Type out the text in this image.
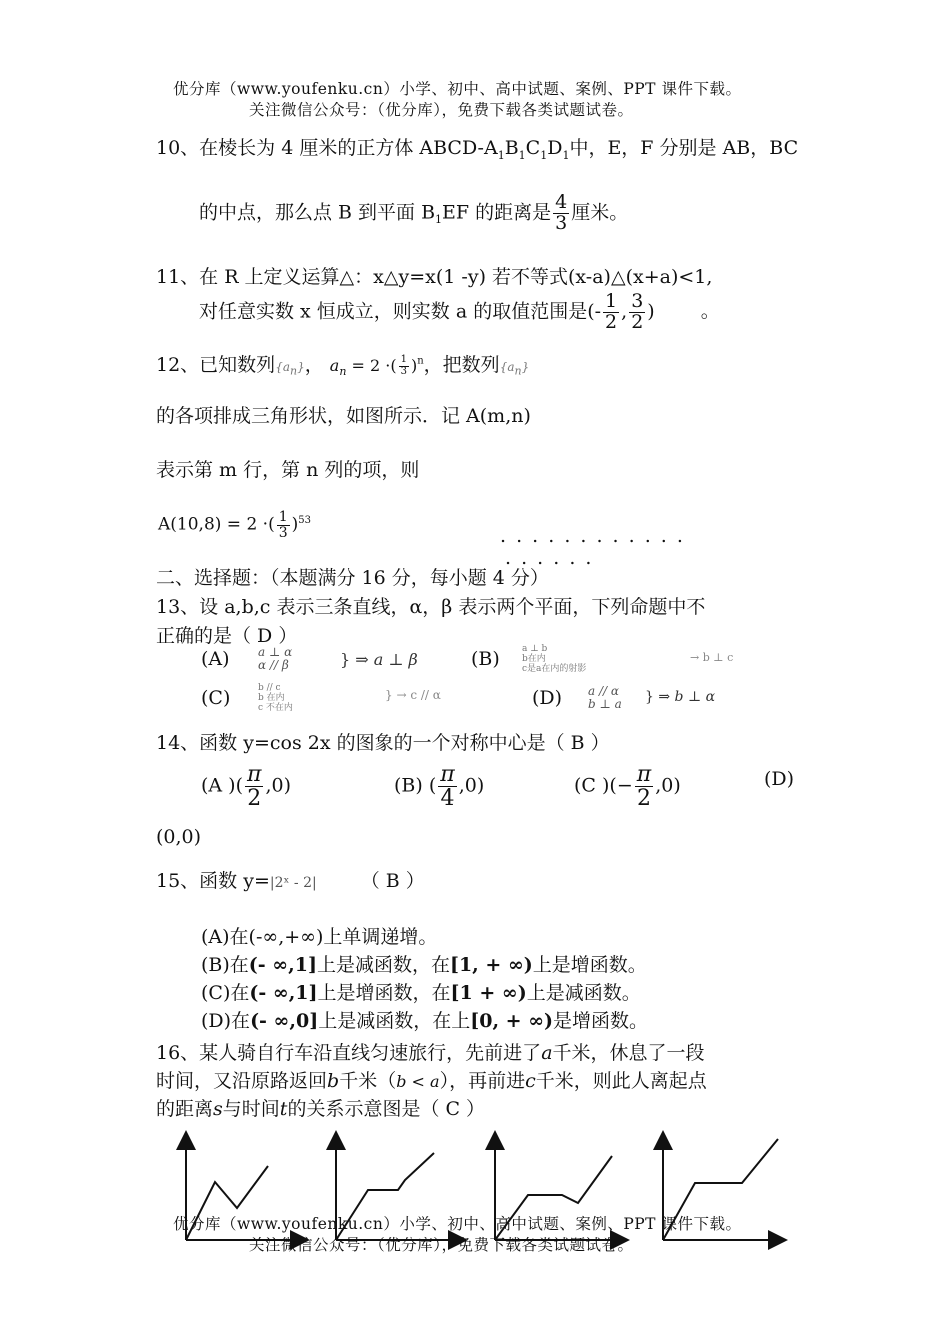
优分库（www.youfenku.cn）小学、初中、高中试题、案例、PPT 课件下载。
关注微信公众号：（优分库），免费下载各类试题试卷。
10、在棱长为 4 厘米的正方体 ABCD-$A_1B_1C_1D_1$中，E，F 分别是 AB，BC
的中点，那么点 B 到平面 $B_1EF$ 的距离是 $\frac{4}{3}$ 厘米。
11、在 R 上定义运算△：x△y=x(1 -y) 若不等式(x-a)△(x+a)<1,
对任意实数 x 恒成立，则实数 a 的取值范围是(- $\frac{1}{2}$ , $\frac{3}{2}$ ) 。
12、已知数列$\{a_n\}$， $a_n = 2$ ·( $\frac{1}{3} )^n$，把数列$\{a_n\}$
的各项排成三角形状，如图所示．记 A(m,n)
表示第 m 行，第 n 列的项，则
A(10,8) = 2 ·( $\frac{1}{3} )^{53}$
. . . . . . . . . . . .
. . . . . .
二、选择题：（本题满分 16 分，每小题 4 分）
13、设 a,b,c 表示三条直线，α，β 表示两个平面，下列命题中不
正确的是（ D ）
(A) a ⊥ α
α // β	} ⇒ a ⊥ β	(B) a ⊥ b
b在内
c是a在内的射影
→ b ⊥ c
(C)	b // c
b 在内
c 不在内
} → c // α	(D) a // α
b ⊥ a } ⇒ b ⊥ α
14、函数 y=cos 2x 的图象的一个对称中心是（ B ）
(A )( $\frac{\pi}{2} ,0$)	(B) ( $\frac{\pi}{4} ,0$)	(C )(− $\frac{\pi}{2} ,0$)	(D)
(0,0)
15、函数 y=|2ˣ - 2| （ B ）
(A)在(-∞,+∞)上单调递增。
(B)在(- ∞,1]上是减函数，在[1, + ∞)上是增函数。
(C)在(- ∞,1]上是增函数，在[1 + ∞)上是减函数。
(D)在(- ∞,0]上是减函数，在上[0, + ∞)是增函数。
16、某人骑自行车沿直线匀速旅行，先前进了a千米，休息了一段
时间，又沿原路返回b千米（b < a），再前进c千米，则此人离起点
的距离s与时间t的关系示意图是（ C ）
优分库（www.youfenku.cn）小学、初中、高中试题、案例、PPT 课件下载。
关注微信公众号：（优分库），免费下载各类试题试卷。
